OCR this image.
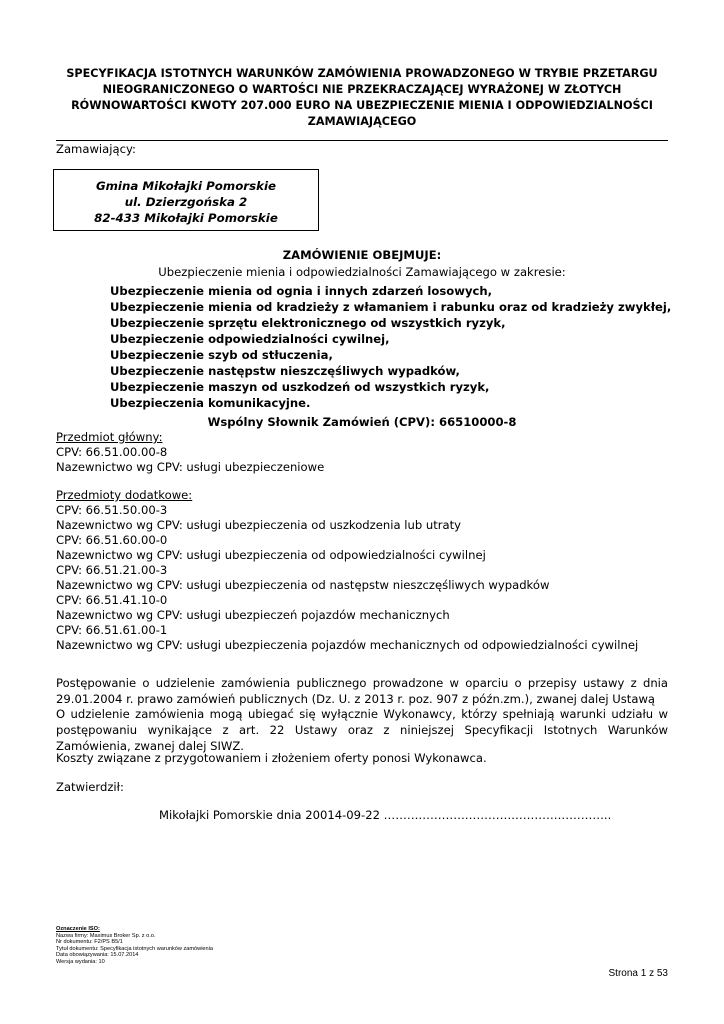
SPECYFIKACJA ISTOTNYCH WARUNKÓW ZAMÓWIENIA PROWADZONEGO W TRYBIE PRZETARGU
NIEOGRANICZONEGO O WARTOŚCI NIE PRZEKRACZAJĄCEJ WYRAŻONEJ W ZŁOTYCH
RÓWNOWARTOŚCI KWOTY 207.000 EURO NA UBEZPIECZENIE MIENIA I ODPOWIEDZIALNOŚCI
ZAMAWIAJĄCEGO
Zamawiający:
Gmina Mikołajki Pomorskie
ul. Dzierzgońska 2
82-433 Mikołajki Pomorskie
ZAMÓWIENIE OBEJMUJE:
Ubezpieczenie mienia i odpowiedzialności Zamawiającego w zakresie:
Ubezpieczenie mienia od ognia i innych zdarzeń losowych,
Ubezpieczenie mienia od kradzieży z włamaniem i rabunku oraz od kradzieży zwykłej,
Ubezpieczenie sprzętu elektronicznego od wszystkich ryzyk,
Ubezpieczenie odpowiedzialności cywilnej,
Ubezpieczenie szyb od stłuczenia,
Ubezpieczenie następstw nieszczęśliwych wypadków,
Ubezpieczenie maszyn od uszkodzeń od wszystkich ryzyk,
Ubezpieczenia komunikacyjne.
Wspólny Słownik Zamówień (CPV): 66510000-8
Przedmiot główny:
CPV: 66.51.00.00-8
Nazewnictwo wg CPV: usługi ubezpieczeniowe
Przedmioty dodatkowe:
CPV: 66.51.50.00-3
Nazewnictwo wg CPV: usługi ubezpieczenia od uszkodzenia lub utraty
CPV: 66.51.60.00-0
Nazewnictwo wg CPV: usługi ubezpieczenia od odpowiedzialności cywilnej
CPV: 66.51.21.00-3
Nazewnictwo wg CPV: usługi ubezpieczenia od następstw nieszczęśliwych wypadków
CPV: 66.51.41.10-0
Nazewnictwo wg CPV: usługi ubezpieczeń pojazdów mechanicznych
CPV: 66.51.61.00-1
Nazewnictwo wg CPV: usługi ubezpieczenia pojazdów mechanicznych od odpowiedzialności cywilnej
Postępowanie o udzielenie zamówienia publicznego prowadzone w oparciu o przepisy ustawy z dnia 29.01.2004 r. prawo zamówień publicznych (Dz. U. z 2013 r. poz. 907 z późn.zm.), zwanej dalej Ustawą
O udzielenie zamówienia mogą ubiegać się wyłącznie Wykonawcy, którzy spełniają warunki udziału w postępowaniu wynikające z art. 22 Ustawy oraz z niniejszej Specyfikacji Istotnych Warunków Zamówienia, zwanej dalej SIWZ.
Koszty związane z przygotowaniem i złożeniem oferty ponosi Wykonawca.
Zatwierdził:
Mikołajki Pomorskie dnia 20014-09-22 …………………………………………………..
Oznaczenie ISO:
Nazwa firmy: Maximus Broker Sp. z o.o.
Nr dokumentu: F2/PS B5/1
Tytuł dokumentu: Specyfikacja istotnych warunków zamówienia
Data obowiązywania: 15.07.2014
Wersja wydania: 10
Strona 1 z 53
